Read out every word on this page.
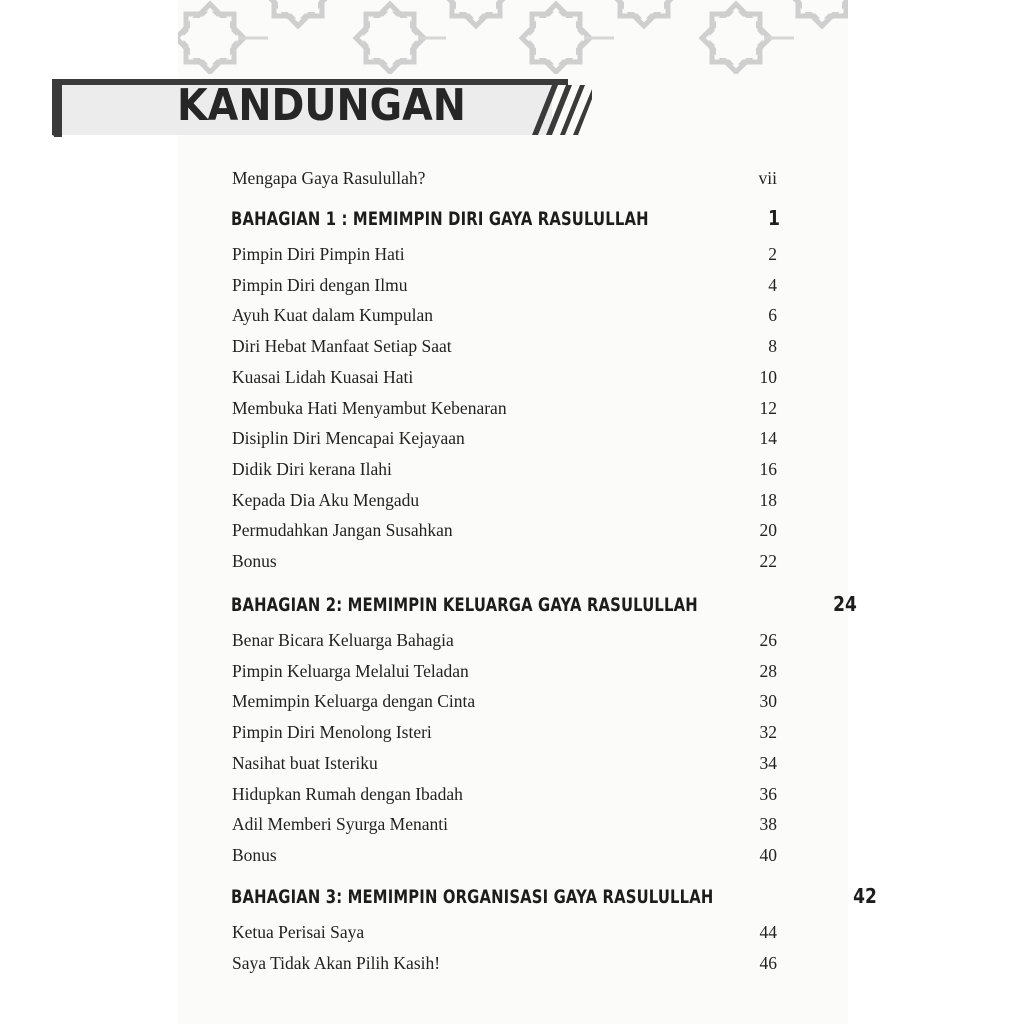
KANDUNGAN
Mengapa Gaya Rasulullah?	vii
BAHAGIAN 1 : MEMIMPIN DIRI GAYA RASULULLAH	1
Pimpin Diri Pimpin Hati	2
Pimpin Diri dengan Ilmu	4
Ayuh Kuat dalam Kumpulan	6
Diri Hebat Manfaat Setiap Saat	8
Kuasai Lidah Kuasai Hati	10
Membuka Hati Menyambut Kebenaran	12
Disiplin Diri Mencapai Kejayaan	14
Didik Diri kerana Ilahi	16
Kepada Dia Aku Mengadu	18
Permudahkan Jangan Susahkan	20
Bonus	22
BAHAGIAN 2: MEMIMPIN KELUARGA GAYA RASULULLAH	24
Benar Bicara Keluarga Bahagia	26
Pimpin Keluarga Melalui Teladan	28
Memimpin Keluarga dengan Cinta	30
Pimpin Diri Menolong Isteri	32
Nasihat buat Isteriku	34
Hidupkan Rumah dengan Ibadah	36
Adil Memberi Syurga Menanti	38
Bonus	40
BAHAGIAN 3: MEMIMPIN ORGANISASI GAYA RASULULLAH	42
Ketua Perisai Saya	44
Saya Tidak Akan Pilih Kasih!	46
